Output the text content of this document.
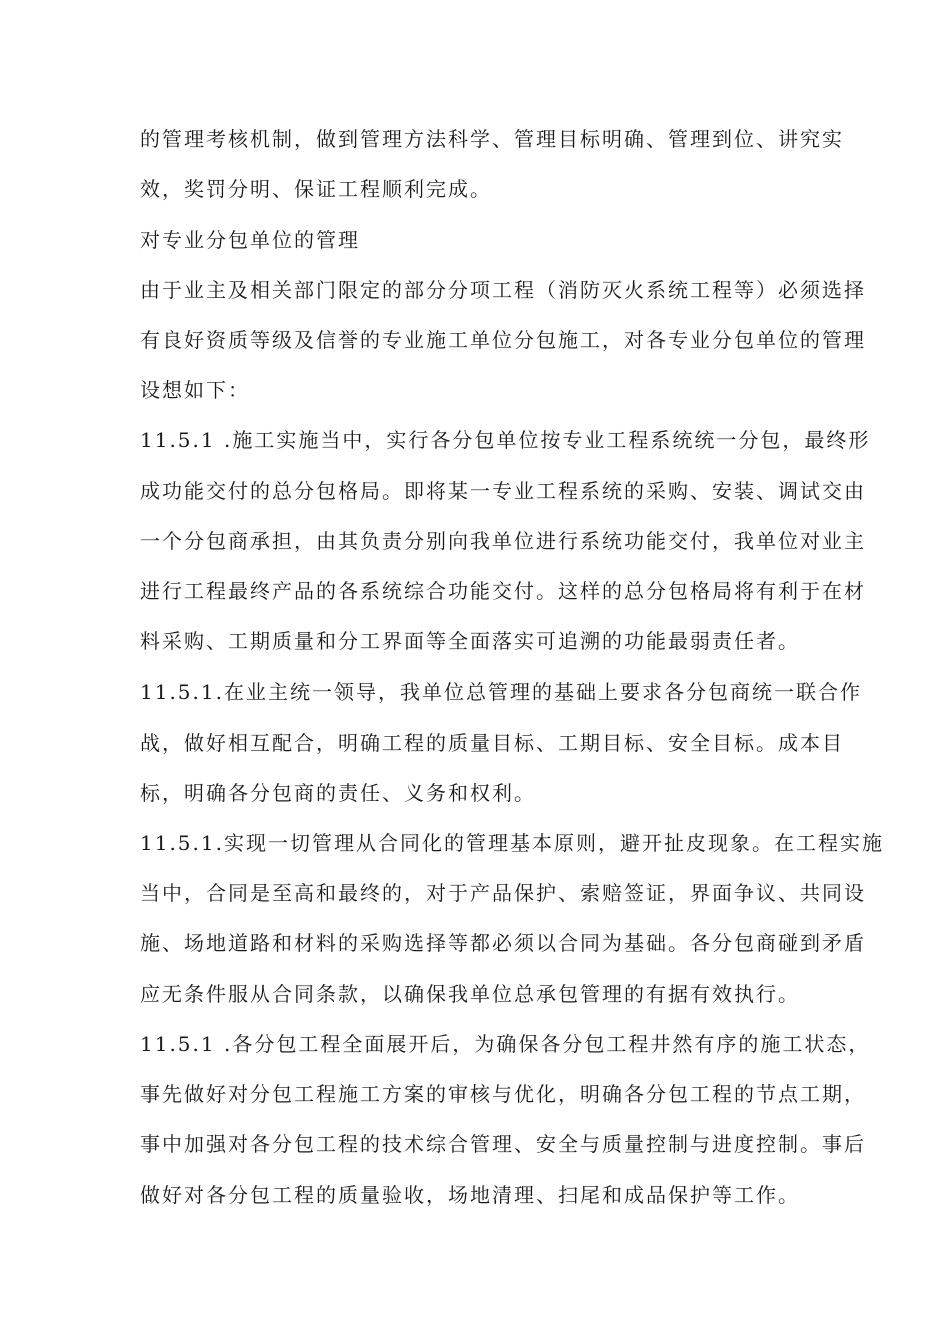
的管理考核机制，做到管理方法科学、管理目标明确、管理到位、讲究实
效，奖罚分明、保证工程顺利完成。
对专业分包单位的管理
由于业主及相关部门限定的部分分项工程（消防灭火系统工程等）必须选择
有良好资质等级及信誉的专业施工单位分包施工，对各专业分包单位的管理
设想如下：
11.5.1 .施工实施当中，实行各分包单位按专业工程系统统一分包，最终形
成功能交付的总分包格局。即将某一专业工程系统的采购、安装、调试交由
一个分包商承担，由其负责分别向我单位进行系统功能交付，我单位对业主
进行工程最终产品的各系统综合功能交付。这样的总分包格局将有利于在材
料采购、工期质量和分工界面等全面落实可追溯的功能最弱责任者。
11.5.1.在业主统一领导，我单位总管理的基础上要求各分包商统一联合作
战，做好相互配合，明确工程的质量目标、工期目标、安全目标。成本目
标，明确各分包商的责任、义务和权利。
11.5.1.实现一切管理从合同化的管理基本原则，避开扯皮现象。在工程实施
当中，合同是至高和最终的，对于产品保护、索赔签证，界面争议、共同设
施、场地道路和材料的采购选择等都必须以合同为基础。各分包商碰到矛盾
应无条件服从合同条款，以确保我单位总承包管理的有据有效执行。
11.5.1 .各分包工程全面展开后，为确保各分包工程井然有序的施工状态，
事先做好对分包工程施工方案的审核与优化，明确各分包工程的节点工期，
事中加强对各分包工程的技术综合管理、安全与质量控制与进度控制。事后
做好对各分包工程的质量验收，场地清理、扫尾和成品保护等工作。
